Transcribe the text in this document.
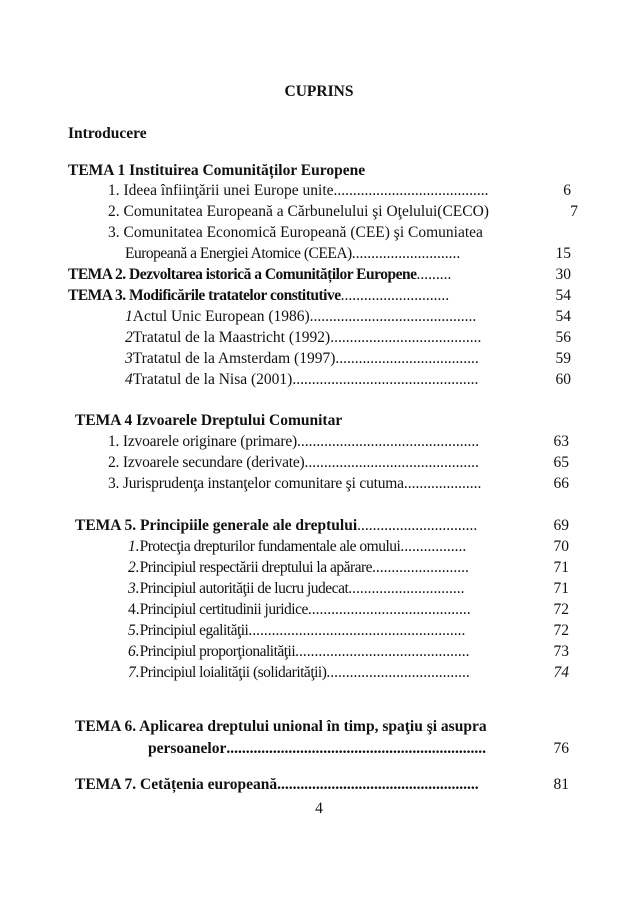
CUPRINS
Introducere
TEMA 1 Instituirea Comunităților Europene
1. Ideea înfiinţării unei Europe unite ........................................	6
2. Comunitatea Europeană a Cărbunelului şi Oţelului(CECO)	7
3. Comunitatea Economică Europeană (CEE) şi Comuniatea
Europeană a Energiei Atomice (CEEA) ............................	15
TEMA 2. Dezvoltarea istorică a Comunităților Europene .........	30
TEMA 3. Modificările tratatelor constitutive ............................	54
1 Actul Unic European (1986) ...........................................	54
2 Tratatul de la Maastricht (1992) .......................................	56
3 Tratatul de la Amsterdam (1997) .....................................	59
4 Tratatul de la Nisa (2001) ................................................	60
TEMA 4 Izvoarele Dreptului Comunitar
1. Izvoarele originare (primare) ...............................................	63
2. Izvoarele secundare (derivate) .............................................	65
3. Jurisprudenţa instanţelor comunitare şi cutuma ....................	66
TEMA 5. Principiile generale ale dreptului ...............................	69
1. Protecţia drepturilor fundamentale ale omului .................	70
2. Principiul respectării dreptului la apărare .........................	71
3. Principiul autorităţii de lucru judecat ..............................	71
4. Principiul certitudinii juridice ..........................................	72
5. Principiul egalităţii ........................................................	72
6. Principiul proporţionalităţii .............................................	73
7. Principiul loialităţii (solidarităţii) .....................................	74
TEMA 6. Aplicarea dreptului unional în timp, spaţiu şi asupra
persoanelor ...................................................................	76
TEMA 7. Cetățenia europeană ....................................................	81
4
